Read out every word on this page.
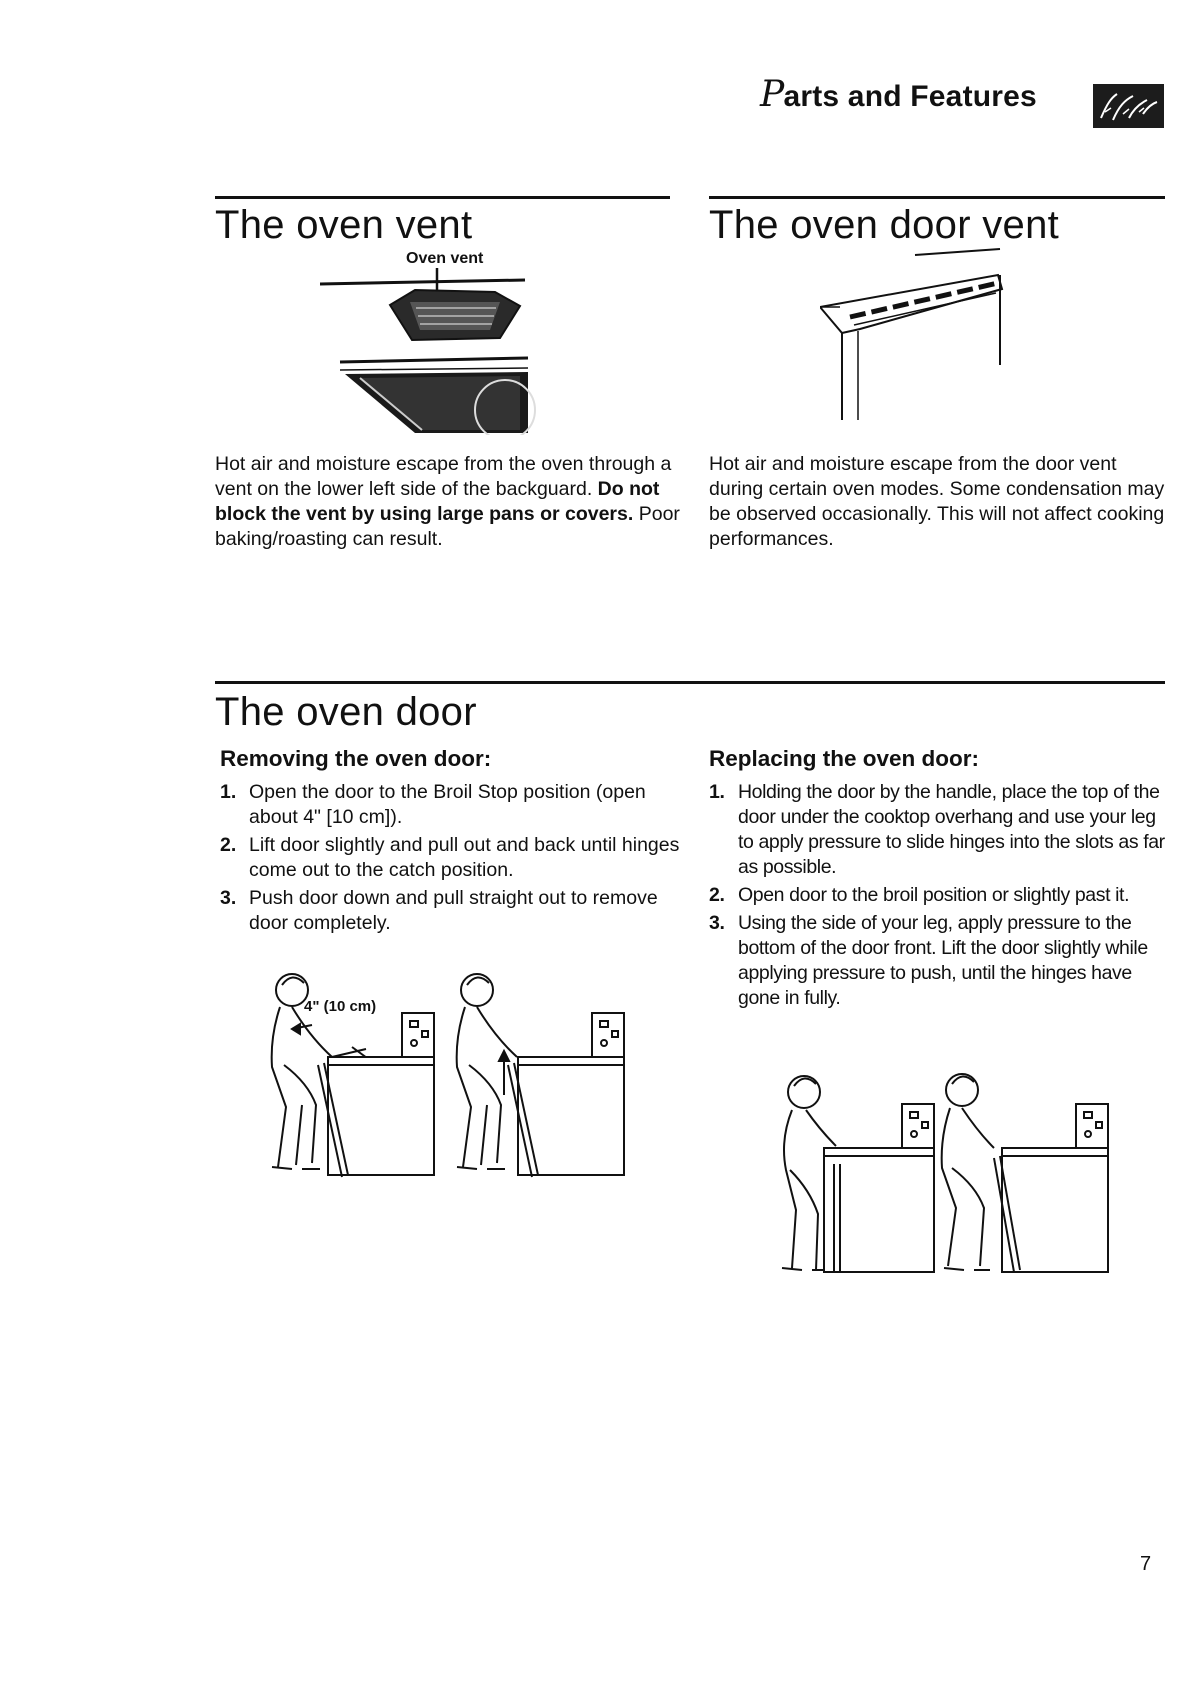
Parts and Features
The oven vent
Oven vent
Hot air and moisture escape from the oven through a vent on the lower left side of the backguard. Do not block the vent by using large pans or covers. Poor baking/roasting can result.
The oven door vent
Hot air and moisture escape from the door vent during certain oven modes. Some condensation may be observed occasionally. This will not affect cooking performances.
The oven door
Removing the oven door:
1. Open the door to the Broil Stop position (open about 4" [10 cm]).
2. Lift door slightly and pull out and back until hinges come out to the catch position.
3. Push door down and pull straight out to remove door completely.
4" (10 cm)
Replacing the oven door:
1. Holding the door by the handle, place the top of the door under the cooktop overhang and use your leg to apply pressure to slide hinges into the slots as far as possible.
2. Open door to the broil position or slightly past it.
3. Using the side of your leg, apply pressure to the bottom of the door front. Lift the door slightly while applying pressure to push, until the hinges have gone in fully.
7
